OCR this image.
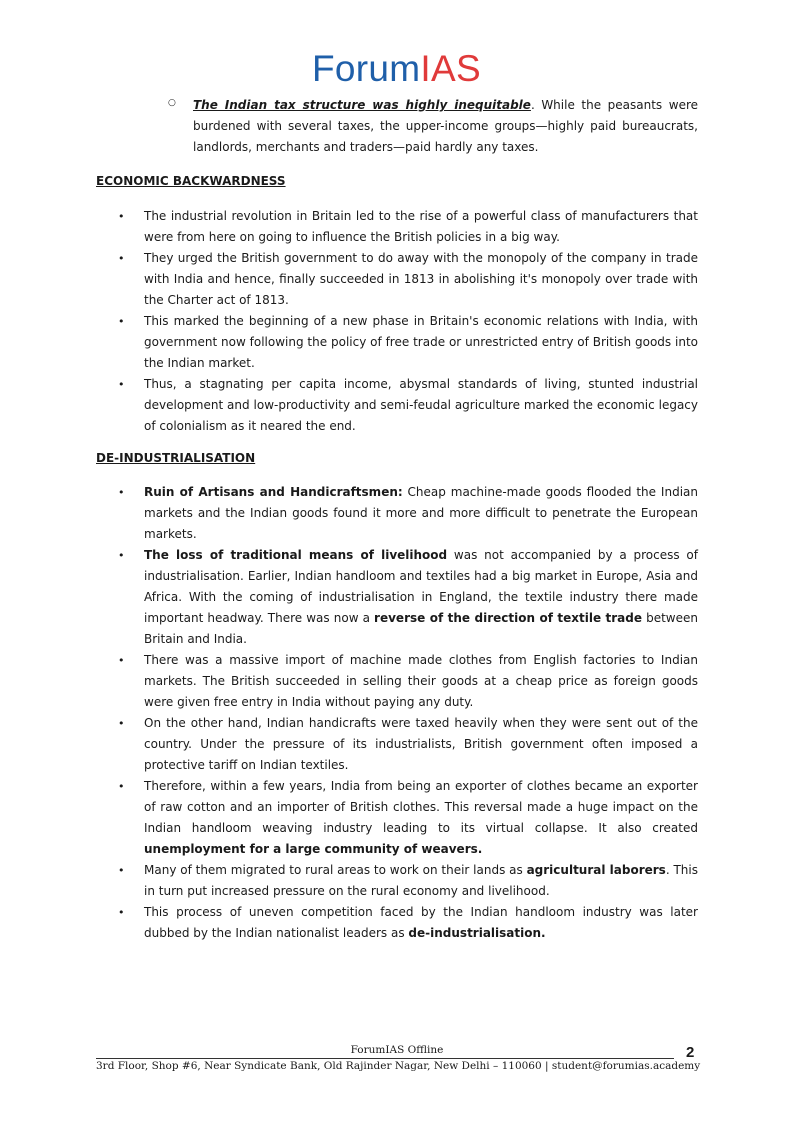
ForumIAS
○ The Indian tax structure was highly inequitable. While the peasants were burdened with several taxes, the upper-income groups—highly paid bureaucrats, landlords, merchants and traders—paid hardly any taxes.

ECONOMIC BACKWARDNESS
• The industrial revolution in Britain led to the rise of a powerful class of manufacturers that were from here on going to influence the British policies in a big way.
• They urged the British government to do away with the monopoly of the company in trade with India and hence, finally succeeded in 1813 in abolishing it's monopoly over trade with the Charter act of 1813.
• This marked the beginning of a new phase in Britain's economic relations with India, with government now following the policy of free trade or unrestricted entry of British goods into the Indian market.
• Thus, a stagnating per capita income, abysmal standards of living, stunted industrial development and low-productivity and semi-feudal agriculture marked the economic legacy of colonialism as it neared the end.
DE-INDUSTRIALISATION
• Ruin of Artisans and Handicraftsmen: Cheap machine-made goods flooded the Indian markets and the Indian goods found it more and more difficult to penetrate the European markets.
• The loss of traditional means of livelihood was not accompanied by a process of industrialisation. Earlier, Indian handloom and textiles had a big market in Europe, Asia and Africa. With the coming of industrialisation in England, the textile industry there made important headway. There was now a reverse of the direction of textile trade between Britain and India.
• There was a massive import of machine made clothes from English factories to Indian markets. The British succeeded in selling their goods at a cheap price as foreign goods were given free entry in India without paying any duty.
• On the other hand, Indian handicrafts were taxed heavily when they were sent out of the country. Under the pressure of its industrialists, British government often imposed a protective tariff on Indian textiles.
• Therefore, within a few years, India from being an exporter of clothes became an exporter of raw cotton and an importer of British clothes. This reversal made a huge impact on the Indian handloom weaving industry leading to its virtual collapse. It also created unemployment for a large community of weavers.
• Many of them migrated to rural areas to work on their lands as agricultural laborers. This in turn put increased pressure on the rural economy and livelihood.
• This process of uneven competition faced by the Indian handloom industry was later dubbed by the Indian nationalist leaders as de-industrialisation.
ForumIAS Offline
3rd Floor, Shop #6, Near Syndicate Bank, Old Rajinder Nagar, New Delhi – 110060 | student@forumias.academy
2
